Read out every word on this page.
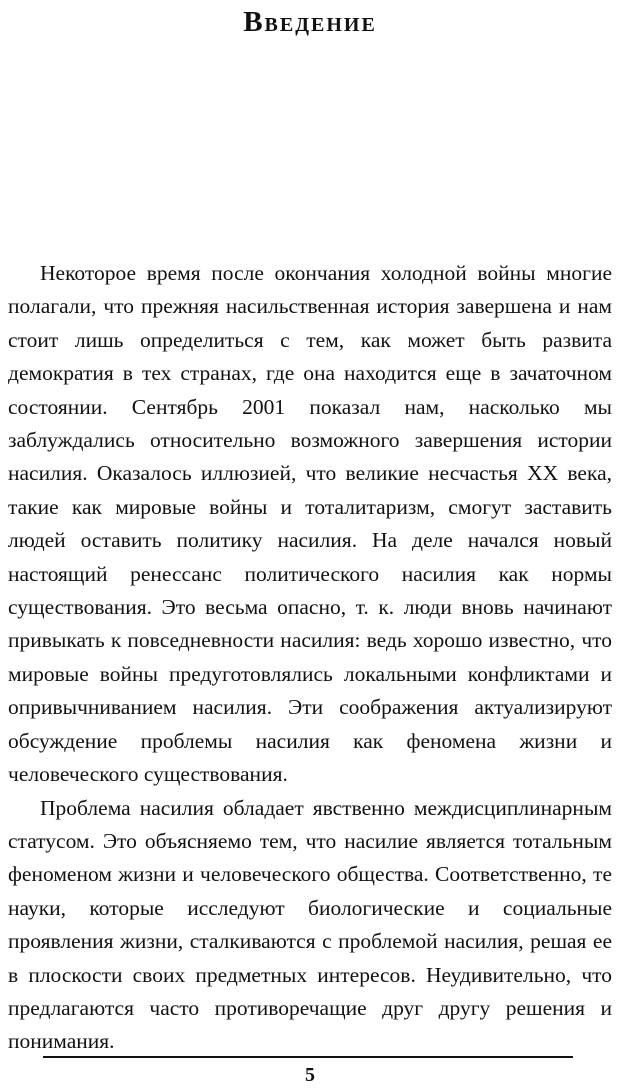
Введение

Некоторое время после окончания холодной войны многие полагали, что прежняя насильственная история завершена и нам стоит лишь определиться с тем, как может быть развита демократия в тех странах, где она находится еще в зачаточном состоянии. Сентябрь 2001 показал нам, насколько мы заблуждались относительно возможного завершения истории насилия. Оказалось иллюзией, что великие несчастья XX века, такие как мировые войны и тоталитаризм, смогут заставить людей оставить политику насилия. На деле начался новый настоящий ренессанс политического насилия как нормы существования. Это весьма опасно, т. к. люди вновь начинают привыкать к повседневности насилия: ведь хорошо известно, что мировые войны предуготовлялись локальными конфликтами и опривычниванием насилия. Эти соображения актуализируют обсуждение проблемы насилия как феномена жизни и человеческого существования.

Проблема насилия обладает явственно междисциплинарным статусом. Это объясняемо тем, что насилие является тотальным феноменом жизни и человеческого общества. Соответственно, те науки, которые исследуют биологические и социальные проявления жизни, сталкиваются с проблемой насилия, решая ее в плоскости своих предметных интересов. Неудивительно, что предлагаются часто противоречащие друг другу решения и понимания.

5
